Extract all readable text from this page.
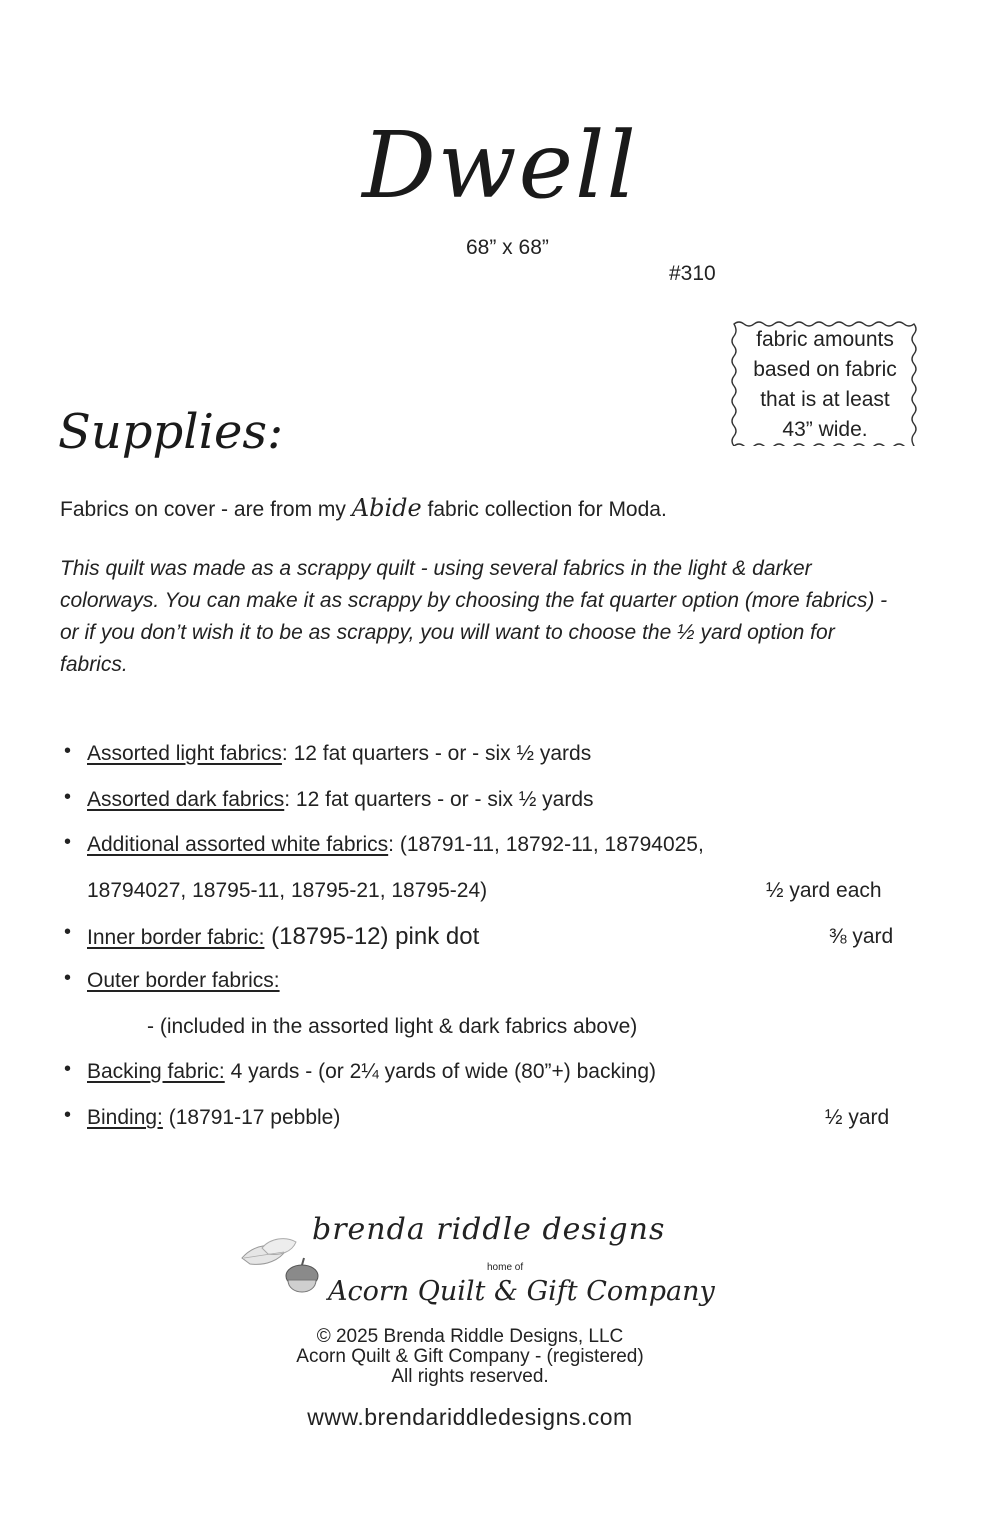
Dwell
68” x 68”
#310
fabric amounts
based on fabric
that is at least
43” wide.
Supplies:
Fabrics on cover - are from my Abide fabric collection for Moda.
This quilt was made as a scrappy quilt - using several fabrics in the light & darker colorways. You can make it as scrappy by choosing the fat quarter option (more fabrics) - or if you don’t wish it to be as scrappy, you will want to choose the ½ yard option for fabrics.
• Assorted light fabrics: 12 fat quarters - or - six ½ yards
• Assorted dark fabrics: 12 fat quarters - or - six ½ yards
• Additional assorted white fabrics: (18791-11, 18792-11, 18794025,
18794027, 18795-11, 18795-21, 18795-24)	½ yard each
• Inner border fabric: (18795-12) pink dot	⅜ yard
• Outer border fabrics:
- (included in the assorted light & dark fabrics above)
• Backing fabric: 4 yards - (or 2¼ yards of wide (80”+) backing)
• Binding: (18791-17 pebble)	½ yard
brenda riddle designs
home of
Acorn Quilt & Gift Company
© 2025 Brenda Riddle Designs, LLC
Acorn Quilt & Gift Company - (registered)
All rights reserved.
www.brendariddledesigns.com
